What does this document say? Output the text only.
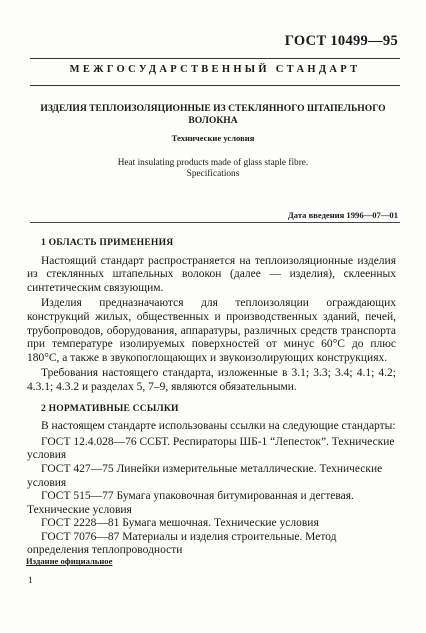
ГОСТ 10499—95
МЕЖГОСУДАРСТВЕННЫЙ СТАНДАРТ
ИЗДЕЛИЯ ТЕПЛОИЗОЛЯЦИОННЫЕ ИЗ СТЕКЛЯННОГО ШТАПЕЛЬНОГО ВОЛОКНА
Технические условия
Heat insulating products made of glass staple fibre.
Specifications
Дата введения 1996—07—01
1 ОБЛАСТЬ ПРИМЕНЕНИЯ

Настоящий стандарт распространяется на теплоизоляционные изделия из стеклянных штапельных волокон (далее — изделия), склеенных синтетическим связующим.

Изделия предназначаются для теплоизоляции ограждающих конструкций жилых, общественных и производственных зданий, печей, трубопроводов, оборудования, аппаратуры, различных средств транспорта при температуре изолируемых поверхностей от минус 60°С до плюс 180°С, а также в звукопоглощающих и звукоизолирующих конструкциях.

Требования настоящего стандарта, изложенные в 3.1; 3.3; 3.4; 4.1; 4.2; 4.3.1; 4.3.2 и разделах 5, 7–9, являются обязательными.

2 НОРМАТИВНЫЕ ССЫЛКИ

В настоящем стандарте использованы ссылки на следующие стандарты:

ГОСТ 12.4.028—76 ССБТ. Респираторы ШБ-1 “Лепесток”. Технические условия

ГОСТ 427—75 Линейки измерительные металлические. Технические условия

ГОСТ 515—77 Бумага упаковочная битумированная и дегтевая. Технические условия

ГОСТ 2228—81 Бумага мешочная. Технические условия

ГОСТ 7076—87 Материалы и изделия строительные. Метод определения теплопроводности

Издание официальное
1
